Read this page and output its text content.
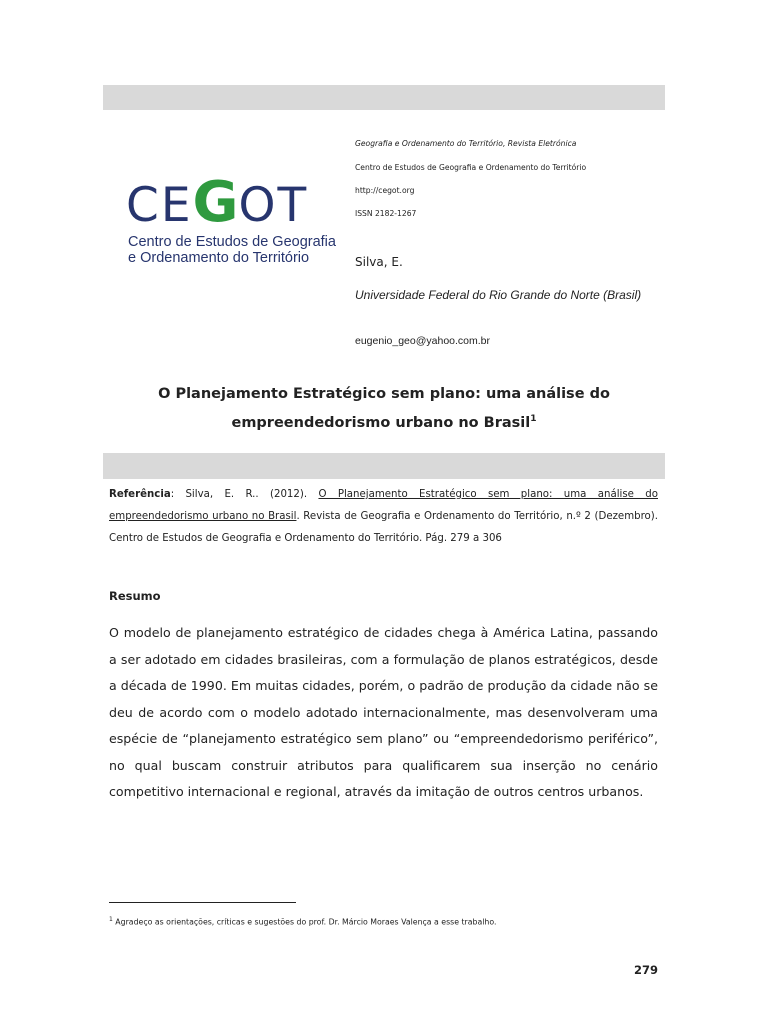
CEGOT
Centro de Estudos de Geografia
e Ordenamento do Território
Geografia e Ordenamento do Território, Revista Eletrónica
Centro de Estudos de Geografia e Ordenamento do Território
http://cegot.org
ISSN 2182-1267
Silva, E.
Universidade Federal do Rio Grande do Norte (Brasil)
eugenio_geo@yahoo.com.br
O Planejamento Estratégico sem plano: uma análise do
empreendedorismo urbano no Brasil$^1$
Referência: Silva, E. R.. (2012). O Planejamento Estratégico sem plano: uma análise do empreendedorismo urbano no Brasil. Revista de Geografia e Ordenamento do Território, n.º 2 (Dezembro). Centro de Estudos de Geografia e Ordenamento do Território. Pág. 279 a 306
Resumo
O modelo de planejamento estratégico de cidades chega à América Latina, passando a ser adotado em cidades brasileiras, com a formulação de planos estratégicos, desde a década de 1990. Em muitas cidades, porém, o padrão de produção da cidade não se deu de acordo com o modelo adotado internacionalmente, mas desenvolveram uma espécie de “planejamento estratégico sem plano” ou “empreendedorismo periférico”, no qual buscam construir atributos para qualificarem sua inserção no cenário competitivo internacional e regional, através da imitação de outros centros urbanos.
$^1$ Agradeço as orientações, críticas e sugestões do prof. Dr. Márcio Moraes Valença a esse trabalho.
279
